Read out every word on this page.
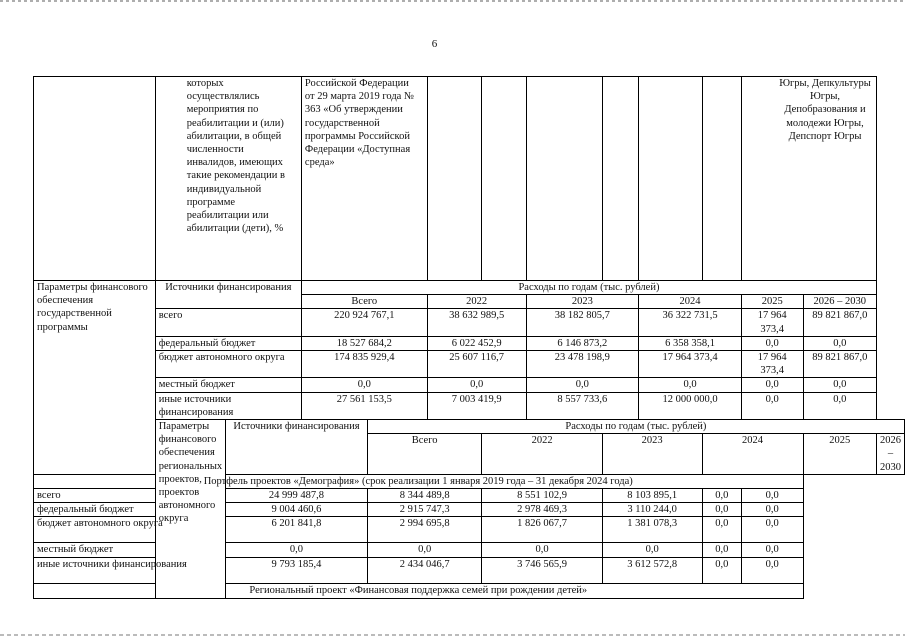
6

	которых осуществлялись мероприятия по реабилитации и (или) абилитации, в общей численности инвалидов, имеющих такие рекомендации в индивидуальной программе реабилитации или абилитации (дети), %		Российской Федерации от 29 марта 2019 года № 363 «Об утверждении государственной программы Российской Федерации «Доступная среда»								Югры, Депкультуры Югры, Депобразования и молодежи Югры, Депспорт Югры		

Параметры финансового обеспечения государственной программы	Источники финансирования		Расходы по годам (тыс. рублей)										
			Всего		2022		2023		2024		2025	2026 – 2030	
	всего		220 924 767,1		38 632 989,5		38 182 805,7		36 322 731,5		17 964 373,4	89 821 867,0	
	федеральный бюджет		18 527 684,2		6 022 452,9		6 146 873,2		6 358 358,1		0,0	0,0	
	бюджет автономного округа		174 835 929,4		25 607 116,7		23 478 198,9		17 964 373,4		17 964 373,4	89 821 867,0	
	местный бюджет		0,0		0,0		0,0		0,0		0,0	0,0	
	иные источники финансирования		27 561 153,5		7 003 419,9		8 557 733,6		12 000 000,0		0,0	0,0	
	Параметры финансового обеспечения региональных проектов, проектов автономного округа	Источники финансирования		Расходы по годам (тыс. рублей)									
				Всего		2022		2023		2024		2025	2026 – 2030
Портфель проектов «Демография» (срок реализации 1 января 2019 года – 31 декабря 2024 года)													
всего		24 999 487,8		8 344 489,8		8 551 102,9		8 103 895,1		0,0	0,0		
федеральный бюджет		9 004 460,6		2 915 747,3		2 978 469,3		3 110 244,0		0,0	0,0		
бюджет автономного округа		6 201 841,8		2 994 695,8		1 826 067,7		1 381 078,3		0,0	0,0		
местный бюджет		0,0		0,0		0,0		0,0		0,0	0,0		
иные источники финансирования		9 793 185,4		2 434 046,7		3 746 565,9		3 612 572,8		0,0	0,0		
Региональный проект «Финансовая поддержка семей при рождении детей»													
